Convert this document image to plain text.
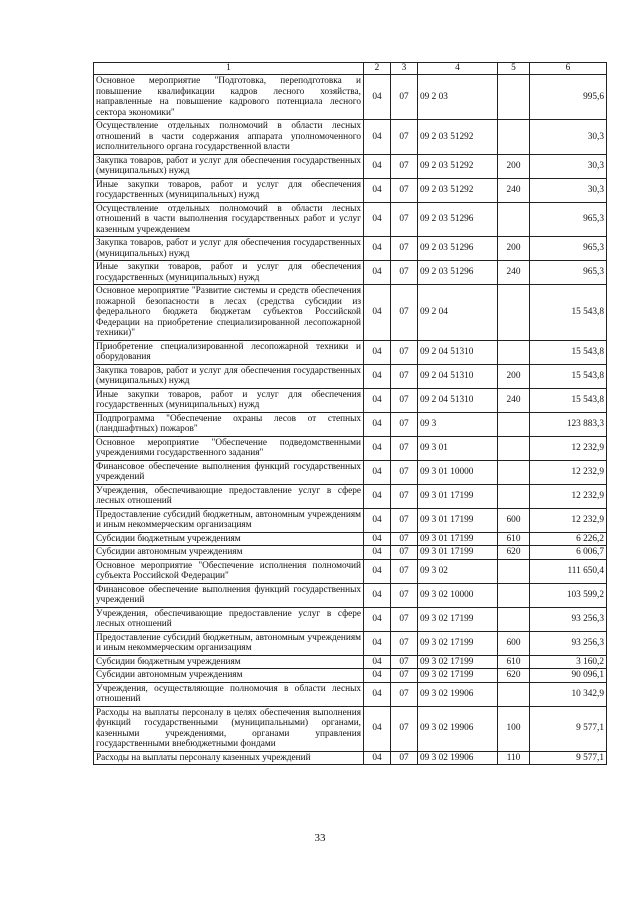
1	2	3	4	5	6
Основное мероприятие "Подготовка, переподготовка и повышение квалификации кадров лесного хозяйства, направленные на повышение кадрового потенциала лесного сектора экономики"	04	07	09 2 03		995,6
Осуществление отдельных полномочий в области лесных отношений в части содержания аппарата уполномоченного исполнительного органа государственной власти	04	07	09 2 03 51292		30,3
Закупка товаров, работ и услуг для обеспечения государственных (муниципальных) нужд	04	07	09 2 03 51292	200	30,3
Иные закупки товаров, работ и услуг для обеспечения государственных (муниципальных) нужд	04	07	09 2 03 51292	240	30,3
Осуществление отдельных полномочий в области лесных отношений в части выполнения государственных работ и услуг казенным учреждением	04	07	09 2 03 51296		965,3
Закупка товаров, работ и услуг для обеспечения государственных (муниципальных) нужд	04	07	09 2 03 51296	200	965,3
Иные закупки товаров, работ и услуг для обеспечения государственных (муниципальных) нужд	04	07	09 2 03 51296	240	965,3
Основное мероприятие "Развитие системы и средств обеспечения пожарной безопасности в лесах (средства субсидии из федерального бюджета бюджетам субъектов Российской Федерации на приобретение специализированной лесопожарной техники)"	04	07	09 2 04		15 543,8
Приобретение специализированной лесопожарной техники и оборудования	04	07	09 2 04 51310		15 543,8
Закупка товаров, работ и услуг для обеспечения государственных (муниципальных) нужд	04	07	09 2 04 51310	200	15 543,8
Иные закупки товаров, работ и услуг для обеспечения государственных (муниципальных) нужд	04	07	09 2 04 51310	240	15 543,8
Подпрограмма "Обеспечение охраны лесов от степных (ландшафтных) пожаров"	04	07	09 3		123 883,3
Основное мероприятие "Обеспечение подведомственными учреждениями государственного задания"	04	07	09 3 01		12 232,9
Финансовое обеспечение выполнения функций государственных учреждений	04	07	09 3 01 10000		12 232,9
Учреждения, обеспечивающие предоставление услуг в сфере лесных отношений	04	07	09 3 01 17199		12 232,9
Предоставление субсидий бюджетным, автономным учреждениям и иным некоммерческим организациям	04	07	09 3 01 17199	600	12 232,9
Субсидии бюджетным учреждениям	04	07	09 3 01 17199	610	6 226,2
Субсидии автономным учреждениям	04	07	09 3 01 17199	620	6 006,7
Основное мероприятие "Обеспечение исполнения полномочий субъекта Российской Федерации"	04	07	09 3 02		111 650,4
Финансовое обеспечение выполнения функций государственных учреждений	04	07	09 3 02 10000		103 599,2
Учреждения, обеспечивающие предоставление услуг в сфере лесных отношений	04	07	09 3 02 17199		93 256,3
Предоставление субсидий бюджетным, автономным учреждениям и иным некоммерческим организациям	04	07	09 3 02 17199	600	93 256,3
Субсидии бюджетным учреждениям	04	07	09 3 02 17199	610	3 160,2
Субсидии автономным учреждениям	04	07	09 3 02 17199	620	90 096,1
Учреждения, осуществляющие полномочия в области лесных отношений	04	07	09 3 02 19906		10 342,9
Расходы на выплаты персоналу в целях обеспечения выполнения функций государственными (муниципальными) органами, казенными учреждениями, органами управления государственными внебюджетными фондами	04	07	09 3 02 19906	100	9 577,1
Расходы на выплаты персоналу казенных учреждений	04	07	09 3 02 19906	110	9 577,1
33
